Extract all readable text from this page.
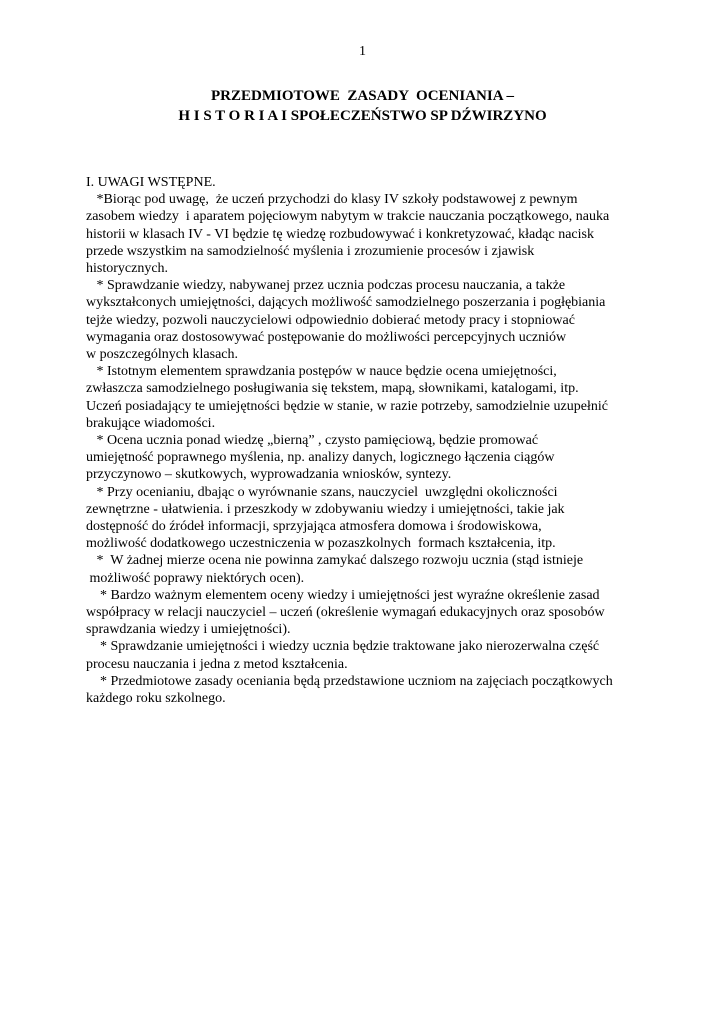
1
PRZEDMIOTOWE  ZASADY  OCENIANIA –
H I S T O R I A I SPOŁECZEŃSTWO SP DŹWIRZYNO
I. UWAGI WSTĘPNE.
*Biorąc pod uwagę,  że uczeń przychodzi do klasy IV szkoły podstawowej z pewnym
zasobem wiedzy  i aparatem pojęciowym nabytym w trakcie nauczania początkowego, nauka
historii w klasach IV - VI będzie tę wiedzę rozbudowywać i konkretyzować, kładąc nacisk
przede wszystkim na samodzielność myślenia i zrozumienie procesów i zjawisk
historycznych.
* Sprawdzanie wiedzy, nabywanej przez ucznia podczas procesu nauczania, a także
wykształconych umiejętności, dających możliwość samodzielnego poszerzania i pogłębiania
tejże wiedzy, pozwoli nauczycielowi odpowiednio dobierać metody pracy i stopniować
wymagania oraz dostosowywać postępowanie do możliwości percepcyjnych uczniów
w poszczególnych klasach.
* Istotnym elementem sprawdzania postępów w nauce będzie ocena umiejętności,
zwłaszcza samodzielnego posługiwania się tekstem, mapą, słownikami, katalogami, itp.
Uczeń posiadający te umiejętności będzie w stanie, w razie potrzeby, samodzielnie uzupełnić
brakujące wiadomości.
* Ocena ucznia ponad wiedzę „bierną” , czysto pamięciową, będzie promować
umiejętność poprawnego myślenia, np. analizy danych, logicznego łączenia ciągów
przyczynowo – skutkowych, wyprowadzania wniosków, syntezy.
* Przy ocenianiu, dbając o wyrównanie szans, nauczyciel  uwzględni okoliczności
zewnętrzne - ułatwienia. i przeszkody w zdobywaniu wiedzy i umiejętności, takie jak
dostępność do źródeł informacji, sprzyjająca atmosfera domowa i środowiskowa,
możliwość dodatkowego uczestniczenia w pozaszkolnych  formach kształcenia, itp.
*  W żadnej mierze ocena nie powinna zamykać dalszego rozwoju ucznia (stąd istnieje
możliwość poprawy niektórych ocen).
* Bardzo ważnym elementem oceny wiedzy i umiejętności jest wyraźne określenie zasad
współpracy w relacji nauczyciel – uczeń (określenie wymagań edukacyjnych oraz sposobów
sprawdzania wiedzy i umiejętności).
* Sprawdzanie umiejętności i wiedzy ucznia będzie traktowane jako nierozerwalna część
procesu nauczania i jedna z metod kształcenia.
* Przedmiotowe zasady oceniania będą przedstawione uczniom na zajęciach początkowych
każdego roku szkolnego.
